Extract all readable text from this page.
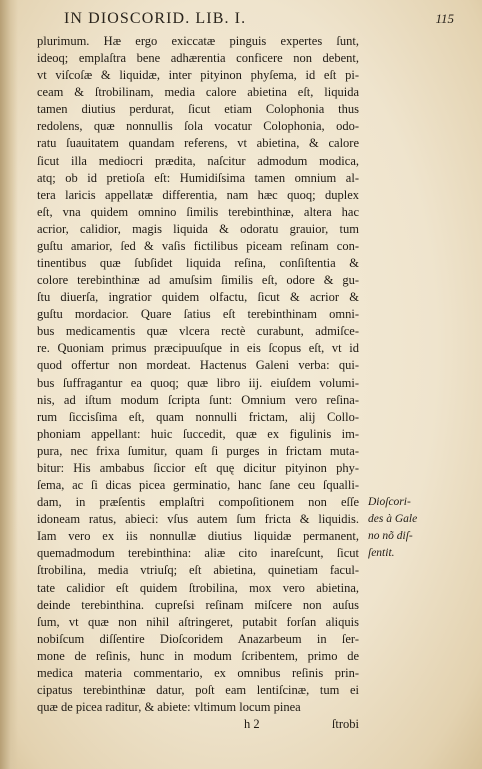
IN DIOSCORID. LIB. I.	115
plurimum. Hæ ergo exiccatæ pinguis expertes ſunt,
ideoq; emplaſtra bene adhærentia conficere non debent,
vt viſcoſæ & liquidæ, inter pityinon phyſema, id eſt pi-
ceam & ſtrobilinam, media calore abietina eſt, liquida
tamen diutius perdurat, ſicut etiam Colophonia thus
redolens, quæ nonnullis ſola vocatur Colophonia, odo-
ratu ſuauitatem quandam referens, vt abietina, & calore
ſicut illa mediocri prædita, naſcitur admodum modica,
atq; ob id pretioſa eſt: Humidiſsima tamen omnium al-
tera laricis appellatæ differentia, nam hæc quoq; duplex
eſt, vna quidem omnino ſimilis terebinthinæ, altera hac
acrior, calidior, magis liquida & odoratu grauior, tum
guſtu amarior, ſed & vaſis fictilibus piceam reſinam con-
tinentibus quæ ſubſidet liquida reſina, conſiſtentia &
colore terebinthinæ ad amuſsim ſimilis eſt, odore & gu-
ſtu diuerſa, ingratior quidem olfactu, ſicut & acrior &
guſtu mordacior. Quare ſatius eſt terebinthinam omni-
bus medicamentis quæ vlcera rectè curabunt, admiſce-
re. Quoniam primus præcipuuſque in eis ſcopus eſt, vt id
quod offertur non mordeat. Hactenus Galeni verba: qui-
bus ſuffragantur ea quoq; quæ libro iij. eiuſdem volumi-
nis, ad iſtum modum ſcripta ſunt: Omnium vero reſina-
rum ſiccisſima eſt, quam nonnulli frictam, alij Collo-
phoniam appellant: huic ſuccedit, quæ ex figulinis im-
pura, nec frixa ſumitur, quam ſi purges in frictam muta-
bitur: His ambabus ſiccior eſt quę dicitur pityinon phy-
ſema, ac ſi dicas picea germinatio, hanc ſane ceu ſqualli-
dam, in præſentis emplaſtri compoſitionem non eſſe
idoneam ratus, abieci: vſus autem ſum fricta & liquidis.
Iam vero ex iis nonnullæ diutius liquidæ permanent,
quemadmodum terebinthina: aliæ cito inareſcunt, ſicut
ſtrobilina, media vtriuſq; eſt abietina, quinetiam facul-
tate calidior eſt quidem ſtrobilina, mox vero abietina,
deinde terebinthina. cupreſsi reſinam miſcere non auſus
ſum, vt quæ non nihil aſtringeret, putabit forſan aliquis
nobiſcum diſſentire Dioſcoridem Anazarbeum in ſer-
mone de reſinis, hunc in modum ſcribentem, primo de
medica materia commentario, ex omnibus reſinis prin-
cipatus terebinthinæ datur, poſt eam lentiſcinæ, tum ei
quæ de picea raditur, & abiete: vltimum locum pinea
h 2	ſtrobi
Dioſcori-
des à Gale
no nõ diſ-
ſentit.
